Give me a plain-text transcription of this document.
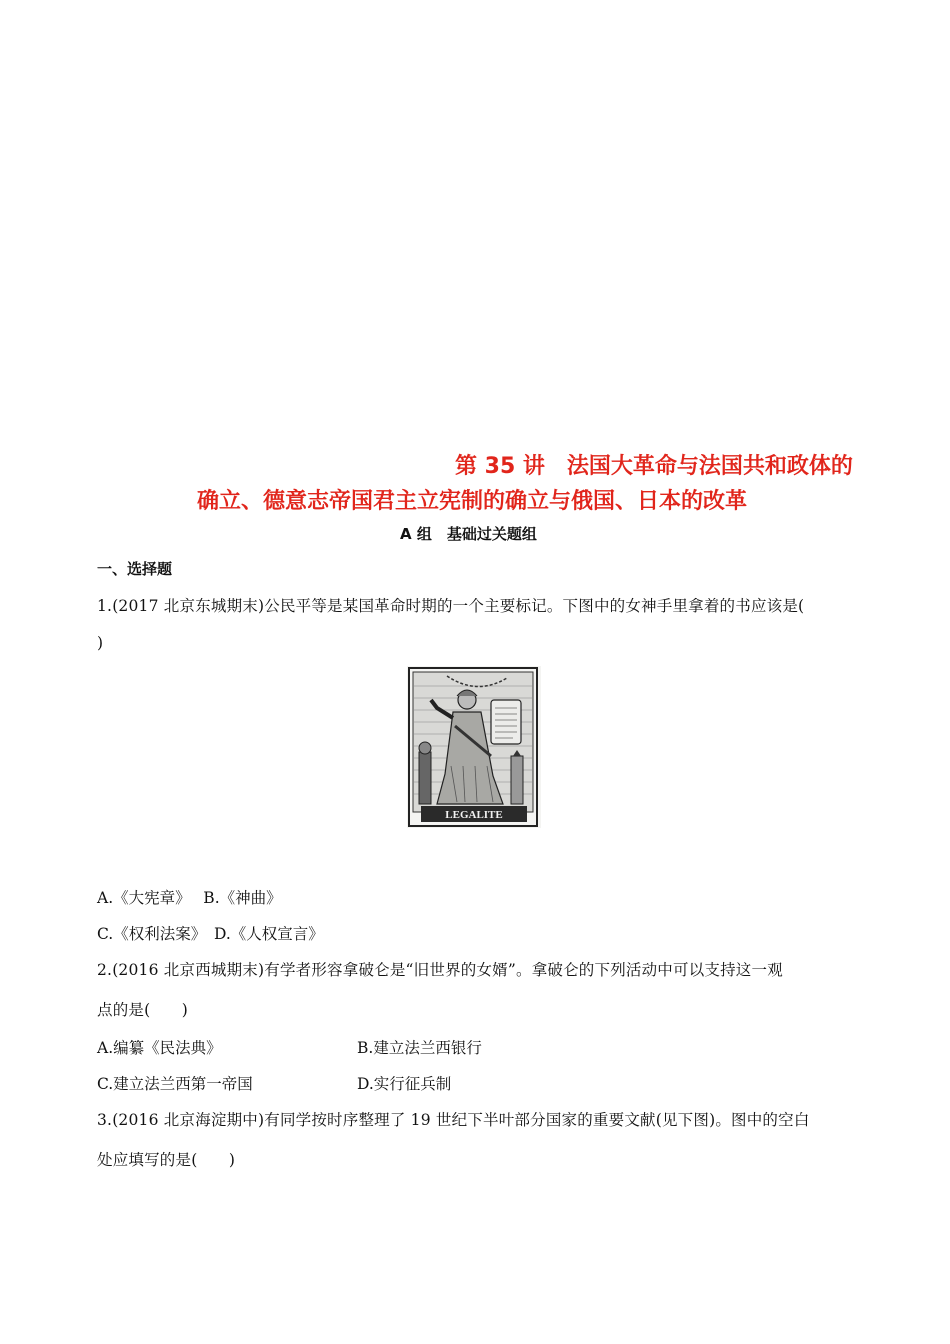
第 35 讲　法国大革命与法国共和政体的
确立、德意志帝国君主立宪制的确立与俄国、日本的改革
A 组　基础过关题组
一、选择题
1.(2017 北京东城期末)公民平等是某国革命时期的一个主要标记。下图中的女神手里拿着的书应该是(
)
LEGALITE
A.《大宪章》　 B.《神曲》
C.《权利法案》　D.《人权宣言》
2.(2016 北京西城期末)有学者形容拿破仑是“旧世界的女婿”。拿破仑的下列活动中可以支持这一观
点的是(　　)
A.编纂《民法典》	B.建立法兰西银行
C.建立法兰西第一帝国	D.实行征兵制
3.(2016 北京海淀期中)有同学按时序整理了 19 世纪下半叶部分国家的重要文献(见下图)。图中的空白
处应填写的是(　　)
